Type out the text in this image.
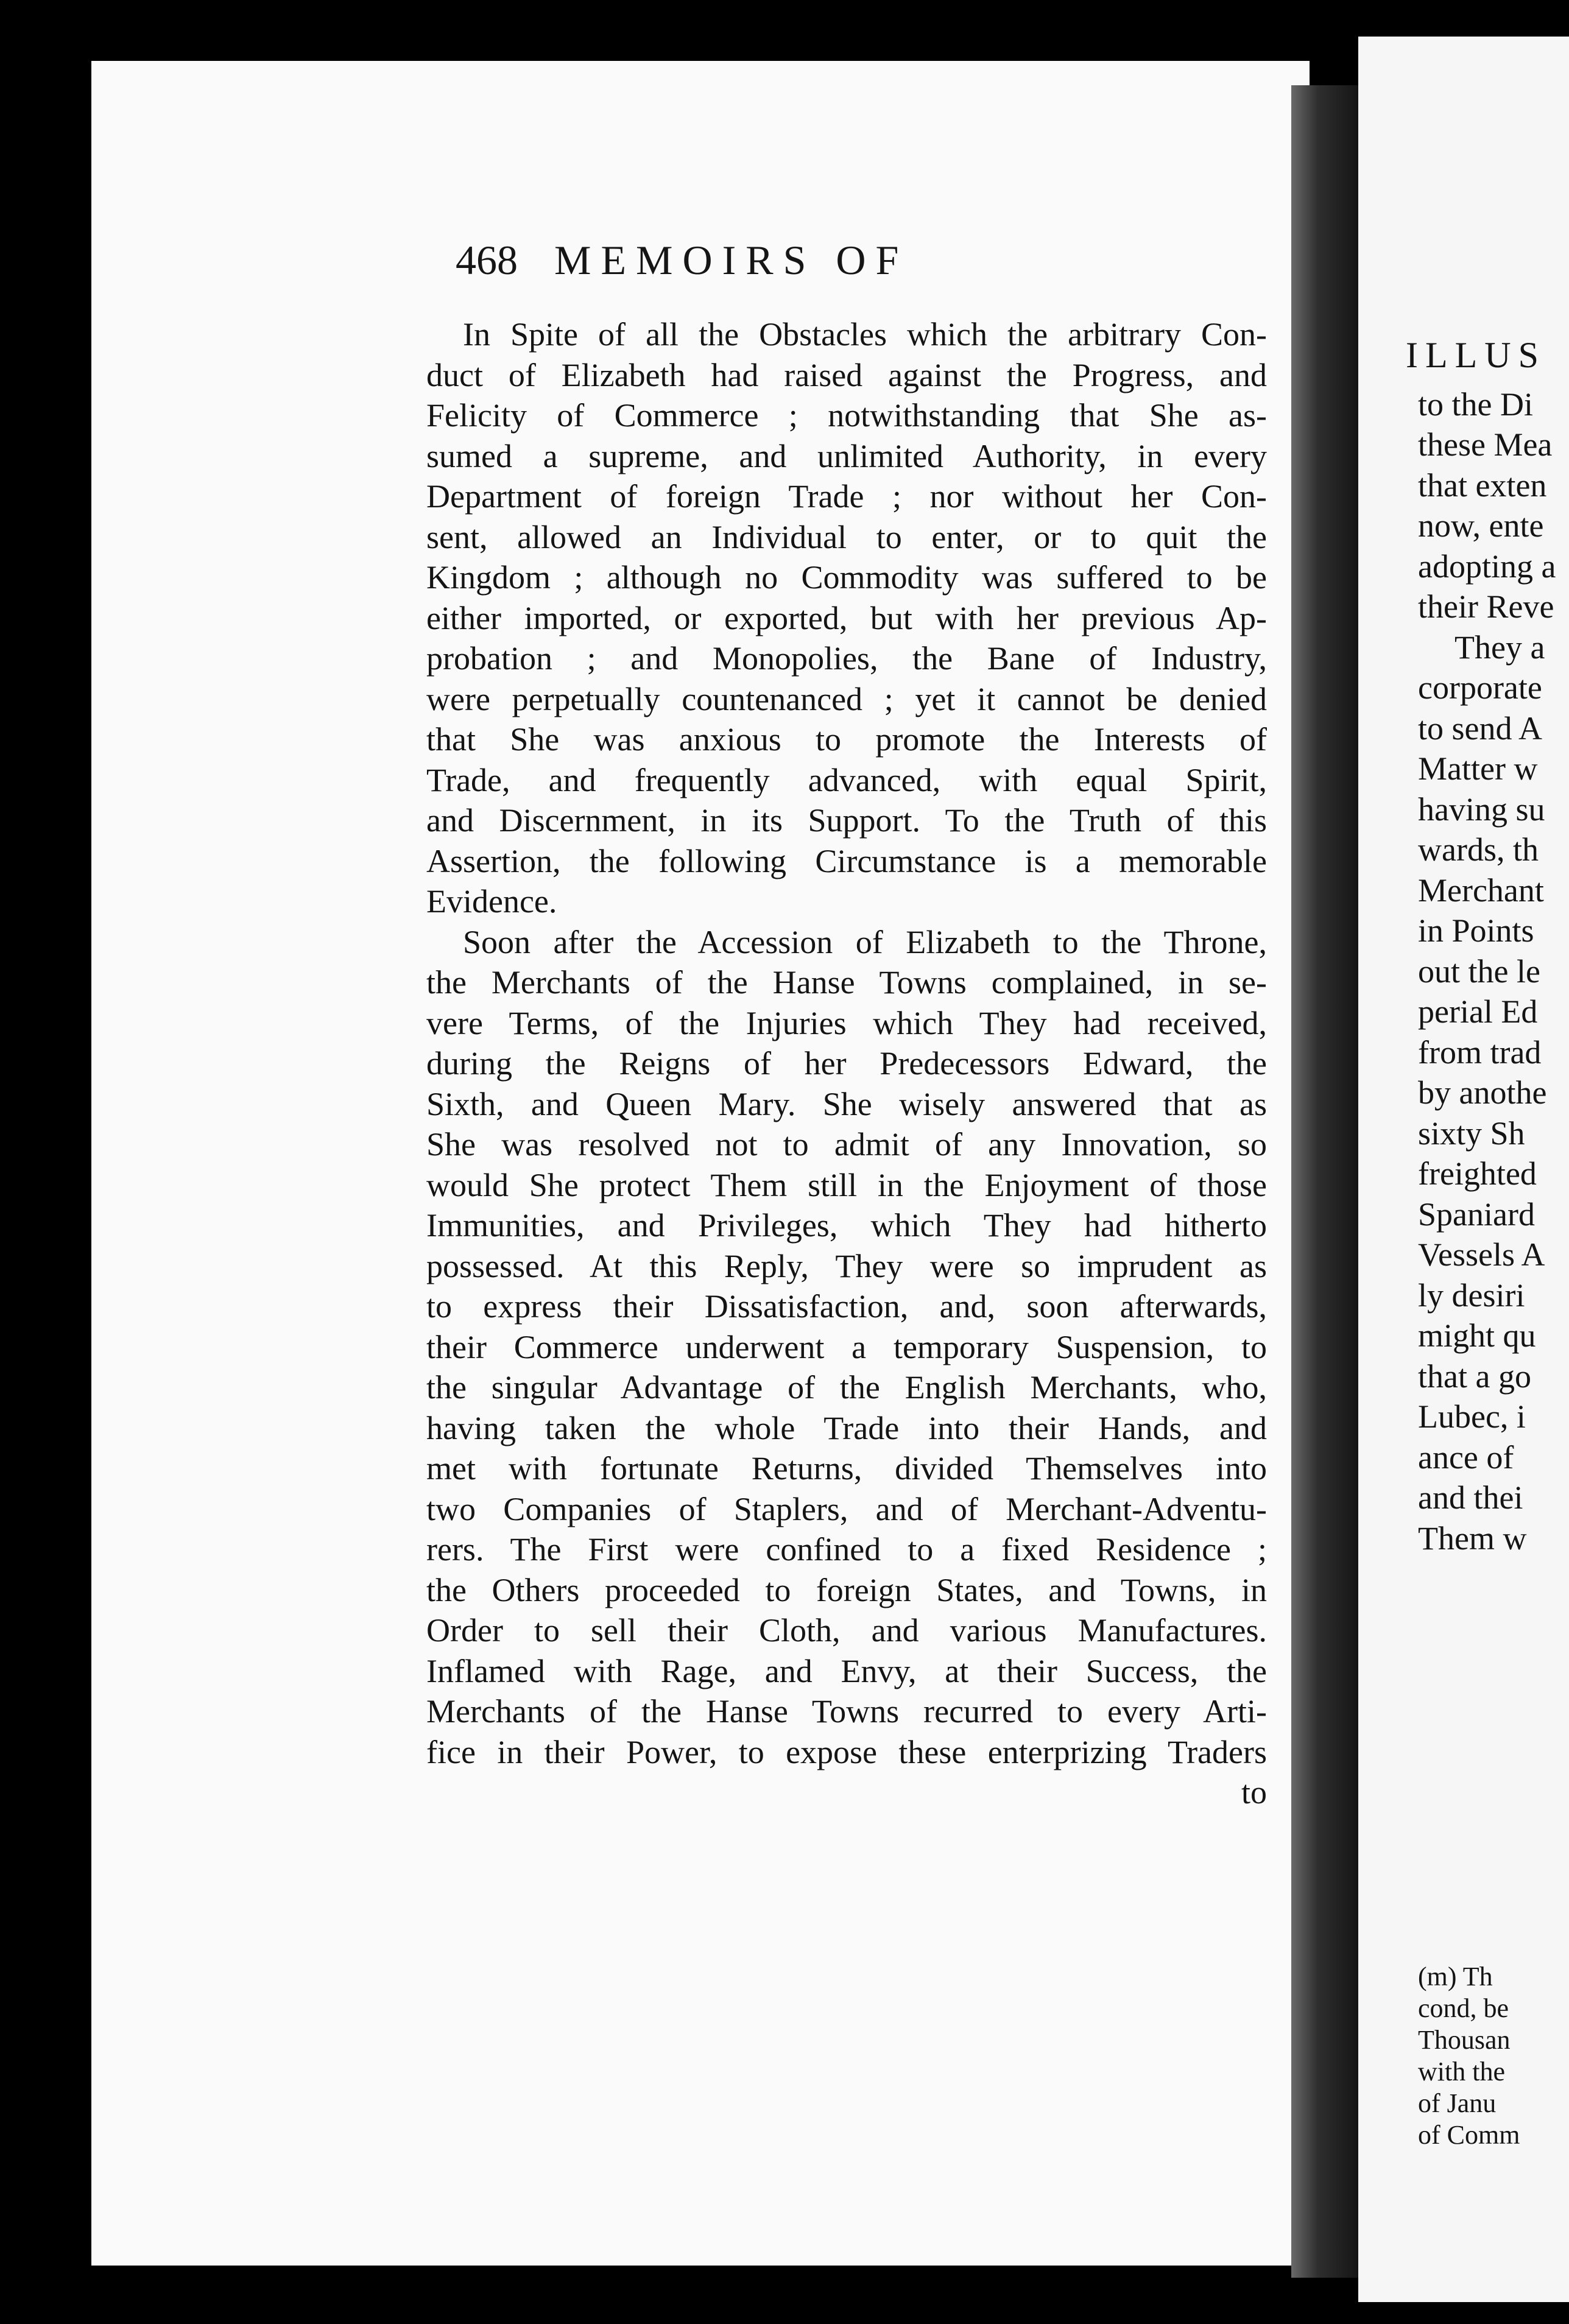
468 MEMOIRS OF
In Spite of all the Obstacles which the arbitrary Con-
duct of Elizabeth had raised against the Progress, and
Felicity of Commerce ; notwithstanding that She as-
sumed a supreme, and unlimited Authority, in every
Department of foreign Trade ; nor without her Con-
sent, allowed an Individual to enter, or to quit the
Kingdom ; although no Commodity was suffered to be
either imported, or exported, but with her previous Ap-
probation ; and Monopolies, the Bane of Industry,
were perpetually countenanced ; yet it cannot be denied
that She was anxious to promote the Interests of
Trade, and frequently advanced, with equal Spirit,
and Discernment, in its Support. To the Truth of this
Assertion, the following Circumstance is a memorable
Evidence.
Soon after the Accession of Elizabeth to the Throne,
the Merchants of the Hanse Towns complained, in se-
vere Terms, of the Injuries which They had received,
during the Reigns of her Predecessors Edward, the
Sixth, and Queen Mary. She wisely answered that as
She was resolved not to admit of any Innovation, so
would She protect Them still in the Enjoyment of those
Immunities, and Privileges, which They had hitherto
possessed. At this Reply, They were so imprudent as
to express their Dissatisfaction, and, soon afterwards,
their Commerce underwent a temporary Suspension, to
the singular Advantage of the English Merchants, who,
having taken the whole Trade into their Hands, and
met with fortunate Returns, divided Themselves into
two Companies of Staplers, and of Merchant-Adventu-
rers. The First were confined to a fixed Residence ;
the Others proceeded to foreign States, and Towns, in
Order to sell their Cloth, and various Manufactures.
Inflamed with Rage, and Envy, at their Success, the
Merchants of the Hanse Towns recurred to every Arti-
fice in their Power, to expose these enterprizing Traders
to
ILLUS
to the Di
these Mea
that exten
now, ente
adopting a
their Reve
They a
corporate
to send A
Matter w
having su
wards, th
Merchant
in Points
out the le
perial Ed
from trad
by anothe
sixty Sh
freighted
Spaniard
Vessels A
ly desiri
might qu
that a go
Lubec, i
ance of
and thei
Them w
(m) Th
cond, be
Thousan
with the
of Janu
of Comm
